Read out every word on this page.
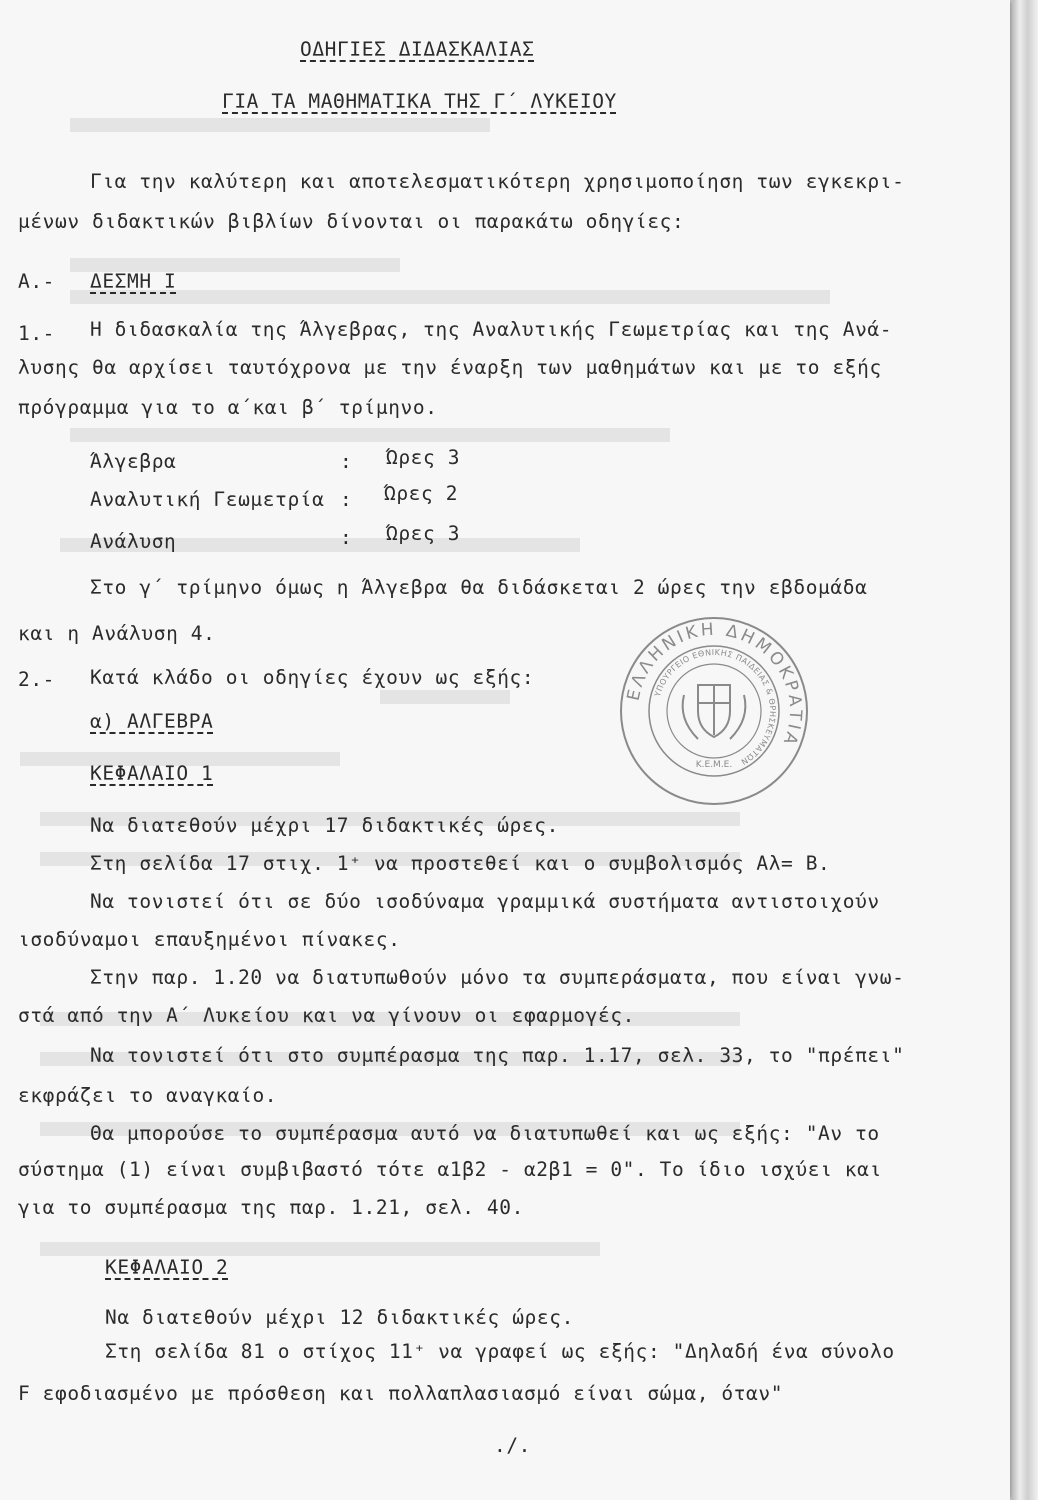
ΟΔΗΓΙΕΣ ΔΙΔΑΣΚΑΛΙΑΣ
ΓΙΑ ΤΑ ΜΑΘΗΜΑΤΙΚΑ ΤΗΣ Γ΄ ΛΥΚΕΙΟΥ
Για την καλύτερη και αποτελεσματικότερη χρησιμοποίηση των εγκεκρι-
μένων διδακτικών βιβλίων δίνονται οι παρακάτω οδηγίες:
Α.- ΔΕΣΜΗ Ι
1.- Η διδασκαλία της Άλγεβρας, της Αναλυτικής Γεωμετρίας και της Ανά-
λυσης θα αρχίσει ταυτόχρονα με την έναρξη των μαθημάτων και με το εξής
πρόγραμμα για το α΄και β΄ τρίμηνο.
Άλγεβρα	: Ώρες 3
Αναλυτική Γεωμετρία : Ώρες 2
Ανάλυση	: Ώρες 3
Στο γ΄ τρίμηνο όμως η Άλγεβρα θα διδάσκεται 2 ώρες την εβδομάδα
και η Ανάλυση 4.
2.- Κατά κλάδο οι οδηγίες έχουν ως εξής:
α) ΑΛΓΕΒΡΑ
ΚΕΦΑΛΑΙΟ 1
Να διατεθούν μέχρι 17 διδακτικές ώρες.
Στη σελίδα 17 στιχ. 1⁺ να προστεθεί και ο συμβολισμός Αλ= Β.
Να τονιστεί ότι σε δύο ισοδύναμα γραμμικά συστήματα αντιστοιχούν
ισοδύναμοι επαυξημένοι πίνακες.
Στην παρ. 1.20 να διατυπωθούν μόνο τα συμπεράσματα, που είναι γνω-
στά από την Α΄ Λυκείου και να γίνουν οι εφαρμογές.
Να τονιστεί ότι στο συμπέρασμα της παρ. 1.17, σελ. 33, το "πρέπει"
εκφράζει το αναγκαίο.
Θα μπορούσε το συμπέρασμα αυτό να διατυπωθεί και ως εξής: "Αν το
σύστημα (1) είναι συμβιβαστό τότε α1β2 - α2β1 = 0". Το ίδιο ισχύει και
για το συμπέρασμα της παρ. 1.21, σελ. 40.
ΚΕΦΑΛΑΙΟ 2
Να διατεθούν μέχρι 12 διδακτικές ώρες.
Στη σελίδα 81 ο στίχος 11⁺ να γραφεί ως εξής: "Δηλαδή ένα σύνολο
F εφοδιασμένο με πρόσθεση και πολλαπλασιασμό είναι σώμα, όταν"
./.
ΕΛΛΗΝΙΚΗ ΔΗΜΟΚΡΑΤΙΑ
ΥΠΟΥΡΓΕΙΟ ΕΘΝΙΚΗΣ ΠΑΙΔΕΙΑΣ & ΘΡΗΣΚΕΥΜΑΤΩΝ
Κ.Ε.Μ.Ε.
